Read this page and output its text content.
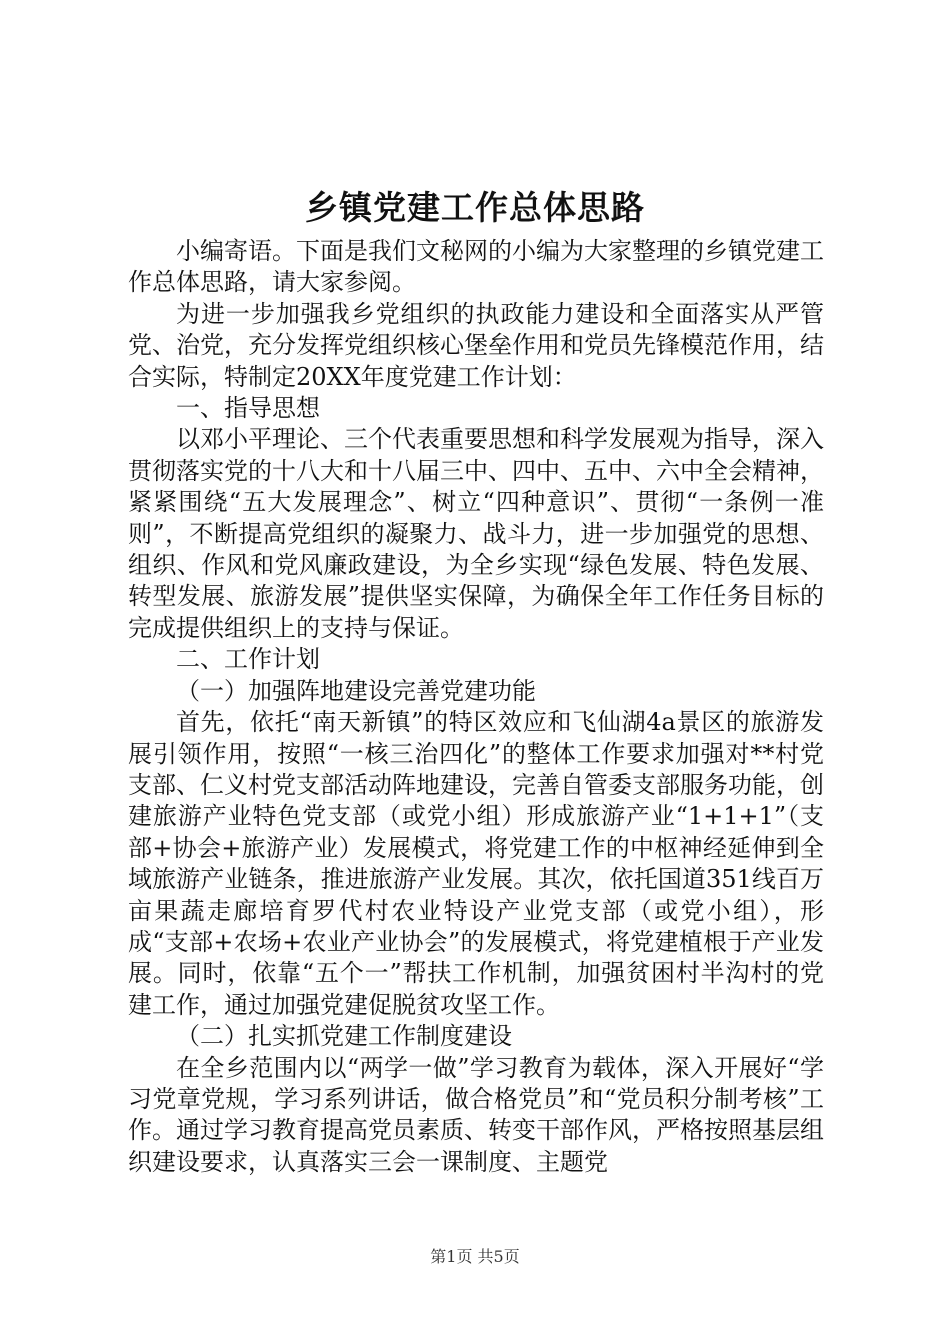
乡镇党建工作总体思路

小编寄语。下面是我们文秘网的小编为大家整理的乡镇党建工作总体思路，请大家参阅。

为进一步加强我乡党组织的执政能力建设和全面落实从严管党、治党，充分发挥党组织核心堡垒作用和党员先锋模范作用，结合实际，特制定20XX年度党建工作计划：

一、指导思想

以邓小平理论、三个代表重要思想和科学发展观为指导，深入贯彻落实党的十八大和十八届三中、四中、五中、六中全会精神，紧紧围绕“五大发展理念”、树立“四种意识”、贯彻“一条例一准则”，不断提高党组织的凝聚力、战斗力，进一步加强党的思想、组织、作风和党风廉政建设，为全乡实现“绿色发展、特色发展、转型发展、旅游发展”提供坚实保障，为确保全年工作任务目标的完成提供组织上的支持与保证。

二、工作计划

（一）加强阵地建设完善党建功能

首先，依托“南天新镇”的特区效应和飞仙湖4a景区的旅游发展引领作用，按照“一核三治四化”的整体工作要求加强对**村党支部、仁义村党支部活动阵地建设，完善自管委支部服务功能，创建旅游产业特色党支部（或党小组）形成旅游产业“1+1+1”（支部+协会+旅游产业）发展模式，将党建工作的中枢神经延伸到全域旅游产业链条，推进旅游产业发展。其次，依托国道351线百万亩果蔬走廊培育罗代村农业特设产业党支部（或党小组），形成“支部+农场+农业产业协会”的发展模式，将党建植根于产业发展。同时，依靠“五个一”帮扶工作机制，加强贫困村半沟村的党建工作，通过加强党建促脱贫攻坚工作。

（二）扎实抓党建工作制度建设

在全乡范围内以“两学一做”学习教育为载体，深入开展好“学习党章党规，学习系列讲话，做合格党员”和“党员积分制考核”工作。通过学习教育提高党员素质、转变干部作风，严格按照基层组织建设要求，认真落实三会一课制度、主题党

第1页 共5页
